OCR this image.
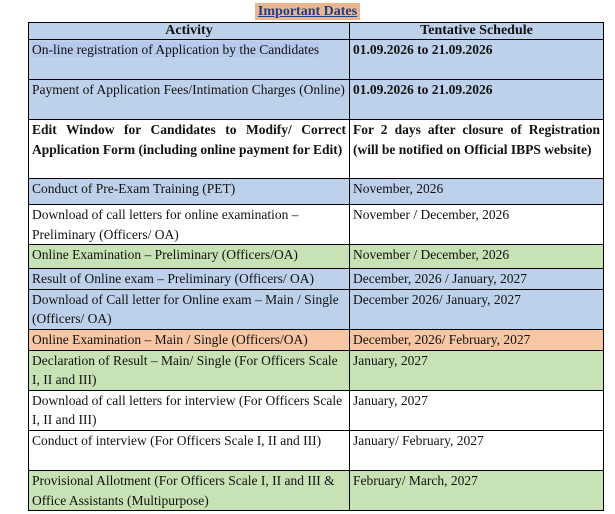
Important Dates
Activity	Tentative Schedule
On-line registration of Application by the Candidates	01.09.2026 to 21.09.2026
Payment of Application Fees/Intimation Charges (Online)	01.09.2026 to 21.09.2026
Edit Window for Candidates to Modify/ Correct Application Form (including online payment for Edit)	For 2 days after closure of Registration (will be notified on Official IBPS website)
Conduct of Pre-Exam Training (PET)	November, 2026
Download of call letters for online examination – Preliminary (Officers/ OA)	November / December, 2026
Online Examination – Preliminary (Officers/OA)	November / December, 2026
Result of Online exam – Preliminary (Officers/ OA)	December, 2026 / January, 2027
Download of Call letter for Online exam – Main / Single (Officers/ OA)	December 2026/ January, 2027
Online Examination – Main / Single (Officers/OA)	December, 2026/ February, 2027
Declaration of Result – Main/ Single (For Officers Scale I, II and III)	January, 2027
Download of call letters for interview (For Officers Scale I, II and III)	January, 2027
Conduct of interview (For Officers Scale I, II and III)	January/ February, 2027
Provisional Allotment (For Officers Scale I, II and III & Office Assistants (Multipurpose)	February/ March, 2027
